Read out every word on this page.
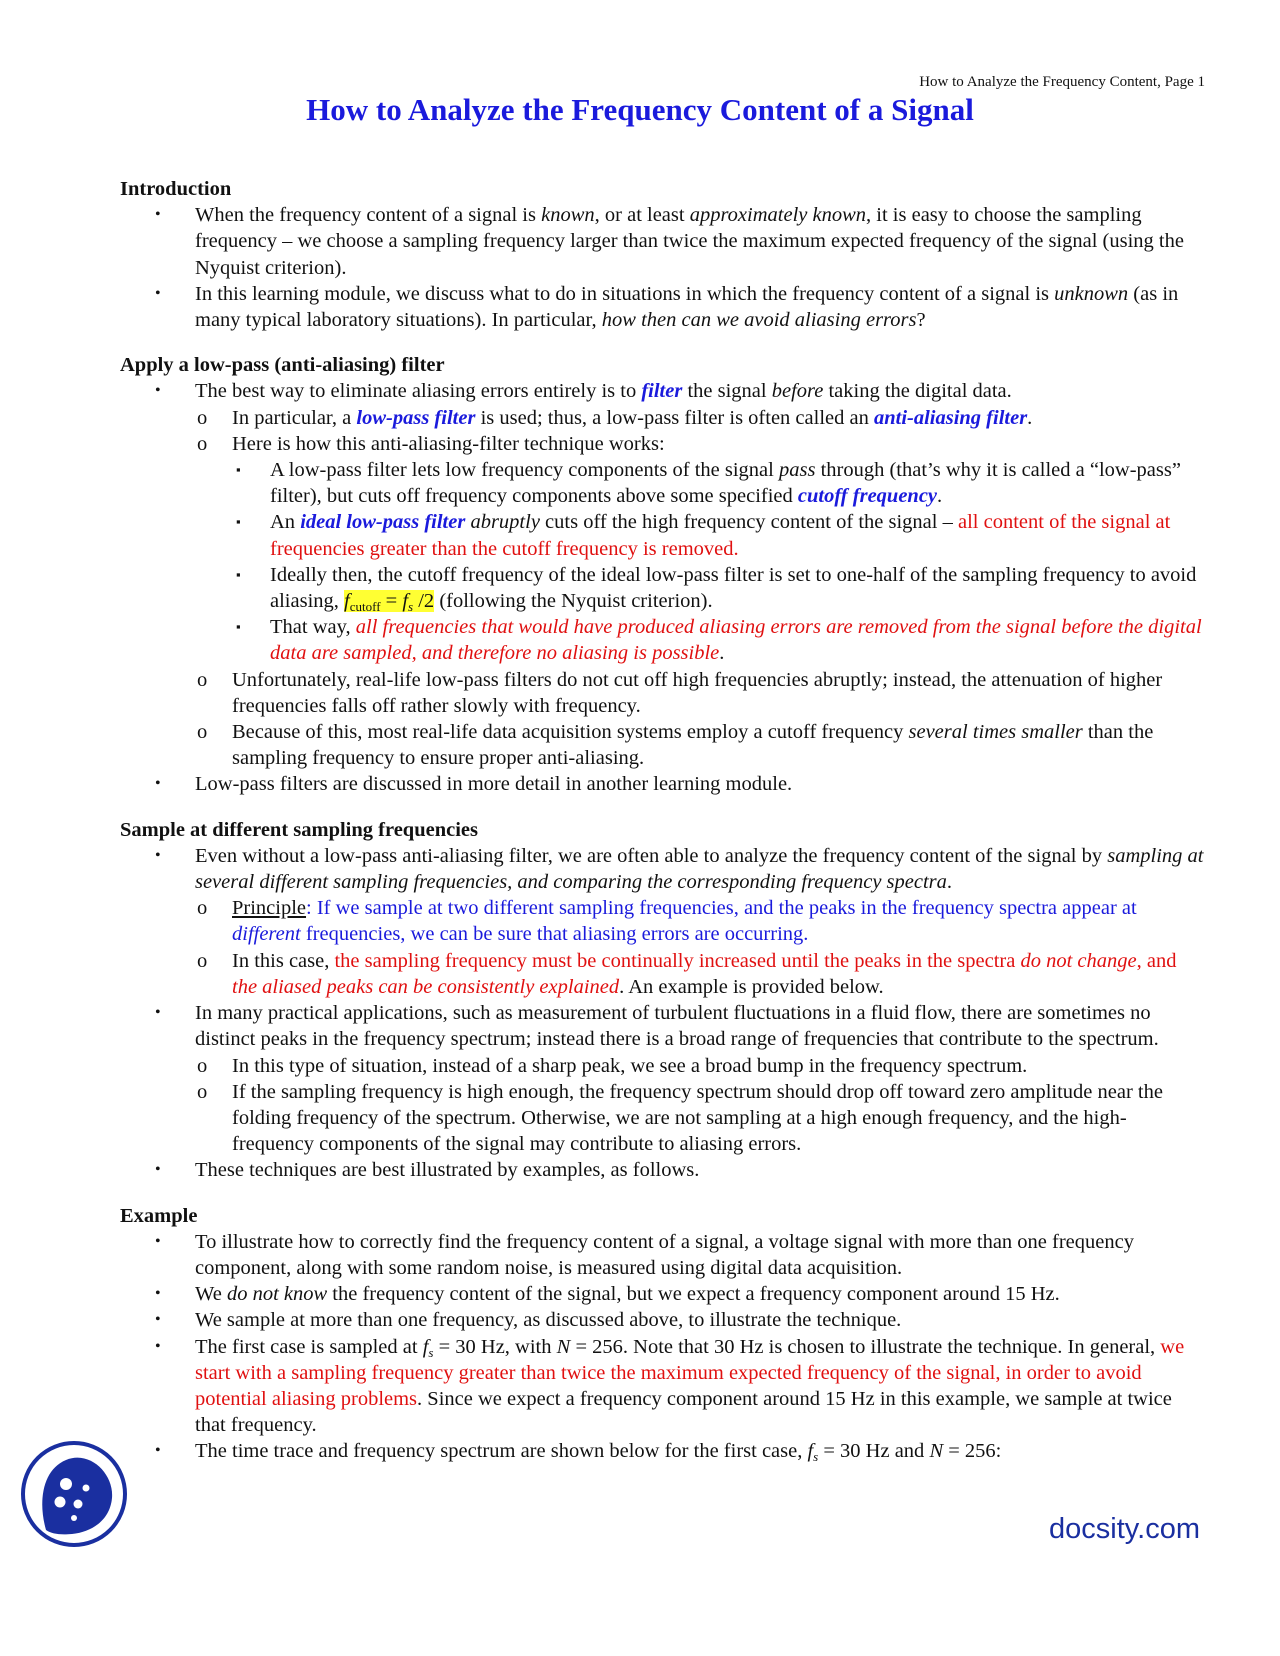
How to Analyze the Frequency Content, Page 1
How to Analyze the Frequency Content of a Signal
Introduction
• When the frequency content of a signal is known, or at least approximately known, it is easy to choose the sampling frequency – we choose a sampling frequency larger than twice the maximum expected frequency of the signal (using the Nyquist criterion).
• In this learning module, we discuss what to do in situations in which the frequency content of a signal is unknown (as in many typical laboratory situations). In particular, how then can we avoid aliasing errors?
Apply a low-pass (anti-aliasing) filter
• The best way to eliminate aliasing errors entirely is to filter the signal before taking the digital data.
o In particular, a low-pass filter is used; thus, a low-pass filter is often called an anti-aliasing filter.
o Here is how this anti-aliasing-filter technique works:
▪ A low-pass filter lets low frequency components of the signal pass through (that’s why it is called a “low-pass” filter), but cuts off frequency components above some specified cutoff frequency.
▪ An ideal low-pass filter abruptly cuts off the high frequency content of the signal – all content of the signal at frequencies greater than the cutoff frequency is removed.
▪ Ideally then, the cutoff frequency of the ideal low-pass filter is set to one-half of the sampling frequency to avoid aliasing, $f_{cutoff} = f_s$ /2 (following the Nyquist criterion).
▪ That way, all frequencies that would have produced aliasing errors are removed from the signal before the digital data are sampled, and therefore no aliasing is possible.
o Unfortunately, real-life low-pass filters do not cut off high frequencies abruptly; instead, the attenuation of higher frequencies falls off rather slowly with frequency.
o Because of this, most real-life data acquisition systems employ a cutoff frequency several times smaller than the sampling frequency to ensure proper anti-aliasing.
• Low-pass filters are discussed in more detail in another learning module.
Sample at different sampling frequencies
• Even without a low-pass anti-aliasing filter, we are often able to analyze the frequency content of the signal by sampling at several different sampling frequencies, and comparing the corresponding frequency spectra.
o Principle: If we sample at two different sampling frequencies, and the peaks in the frequency spectra appear at different frequencies, we can be sure that aliasing errors are occurring.
o In this case, the sampling frequency must be continually increased until the peaks in the spectra do not change, and the aliased peaks can be consistently explained. An example is provided below.
• In many practical applications, such as measurement of turbulent fluctuations in a fluid flow, there are sometimes no distinct peaks in the frequency spectrum; instead there is a broad range of frequencies that contribute to the spectrum.
o In this type of situation, instead of a sharp peak, we see a broad bump in the frequency spectrum.
o If the sampling frequency is high enough, the frequency spectrum should drop off toward zero amplitude near the folding frequency of the spectrum. Otherwise, we are not sampling at a high enough frequency, and the high-frequency components of the signal may contribute to aliasing errors.
• These techniques are best illustrated by examples, as follows.
Example
• To illustrate how to correctly find the frequency content of a signal, a voltage signal with more than one frequency component, along with some random noise, is measured using digital data acquisition.
• We do not know the frequency content of the signal, but we expect a frequency component around 15 Hz.
• We sample at more than one frequency, as discussed above, to illustrate the technique.
• The first case is sampled at $f_s = 30$ Hz, with N = 256. Note that 30 Hz is chosen to illustrate the technique. In general, we start with a sampling frequency greater than twice the maximum expected frequency of the signal, in order to avoid potential aliasing problems. Since we expect a frequency component around 15 Hz in this example, we sample at twice that frequency.
• The time trace and frequency spectrum are shown below for the first case, $f_s = 30$ Hz and N = 256:
docsity.com
